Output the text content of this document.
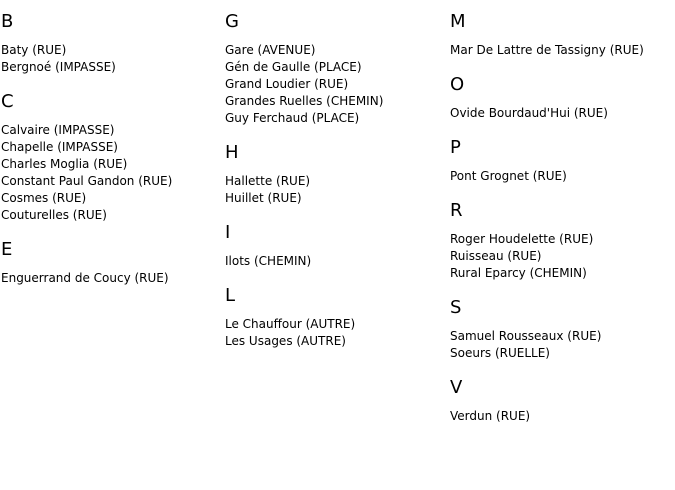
B
Baty (RUE)
Bergnoé (IMPASSE)
C
Calvaire (IMPASSE)
Chapelle (IMPASSE)
Charles Moglia (RUE)
Constant Paul Gandon (RUE)
Cosmes (RUE)
Couturelles (RUE)
E
Enguerrand de Coucy (RUE)
G
Gare (AVENUE)
Gén de Gaulle (PLACE)
Grand Loudier (RUE)
Grandes Ruelles (CHEMIN)
Guy Ferchaud (PLACE)
H
Hallette (RUE)
Huillet (RUE)
I
Ilots (CHEMIN)
L
Le Chauffour (AUTRE)
Les Usages (AUTRE)
M
Mar De Lattre de Tassigny (RUE)
O
Ovide Bourdaud'Hui (RUE)
P
Pont Grognet (RUE)
R
Roger Houdelette (RUE)
Ruisseau (RUE)
Rural Eparcy (CHEMIN)
S
Samuel Rousseaux (RUE)
Soeurs (RUELLE)
V
Verdun (RUE)
